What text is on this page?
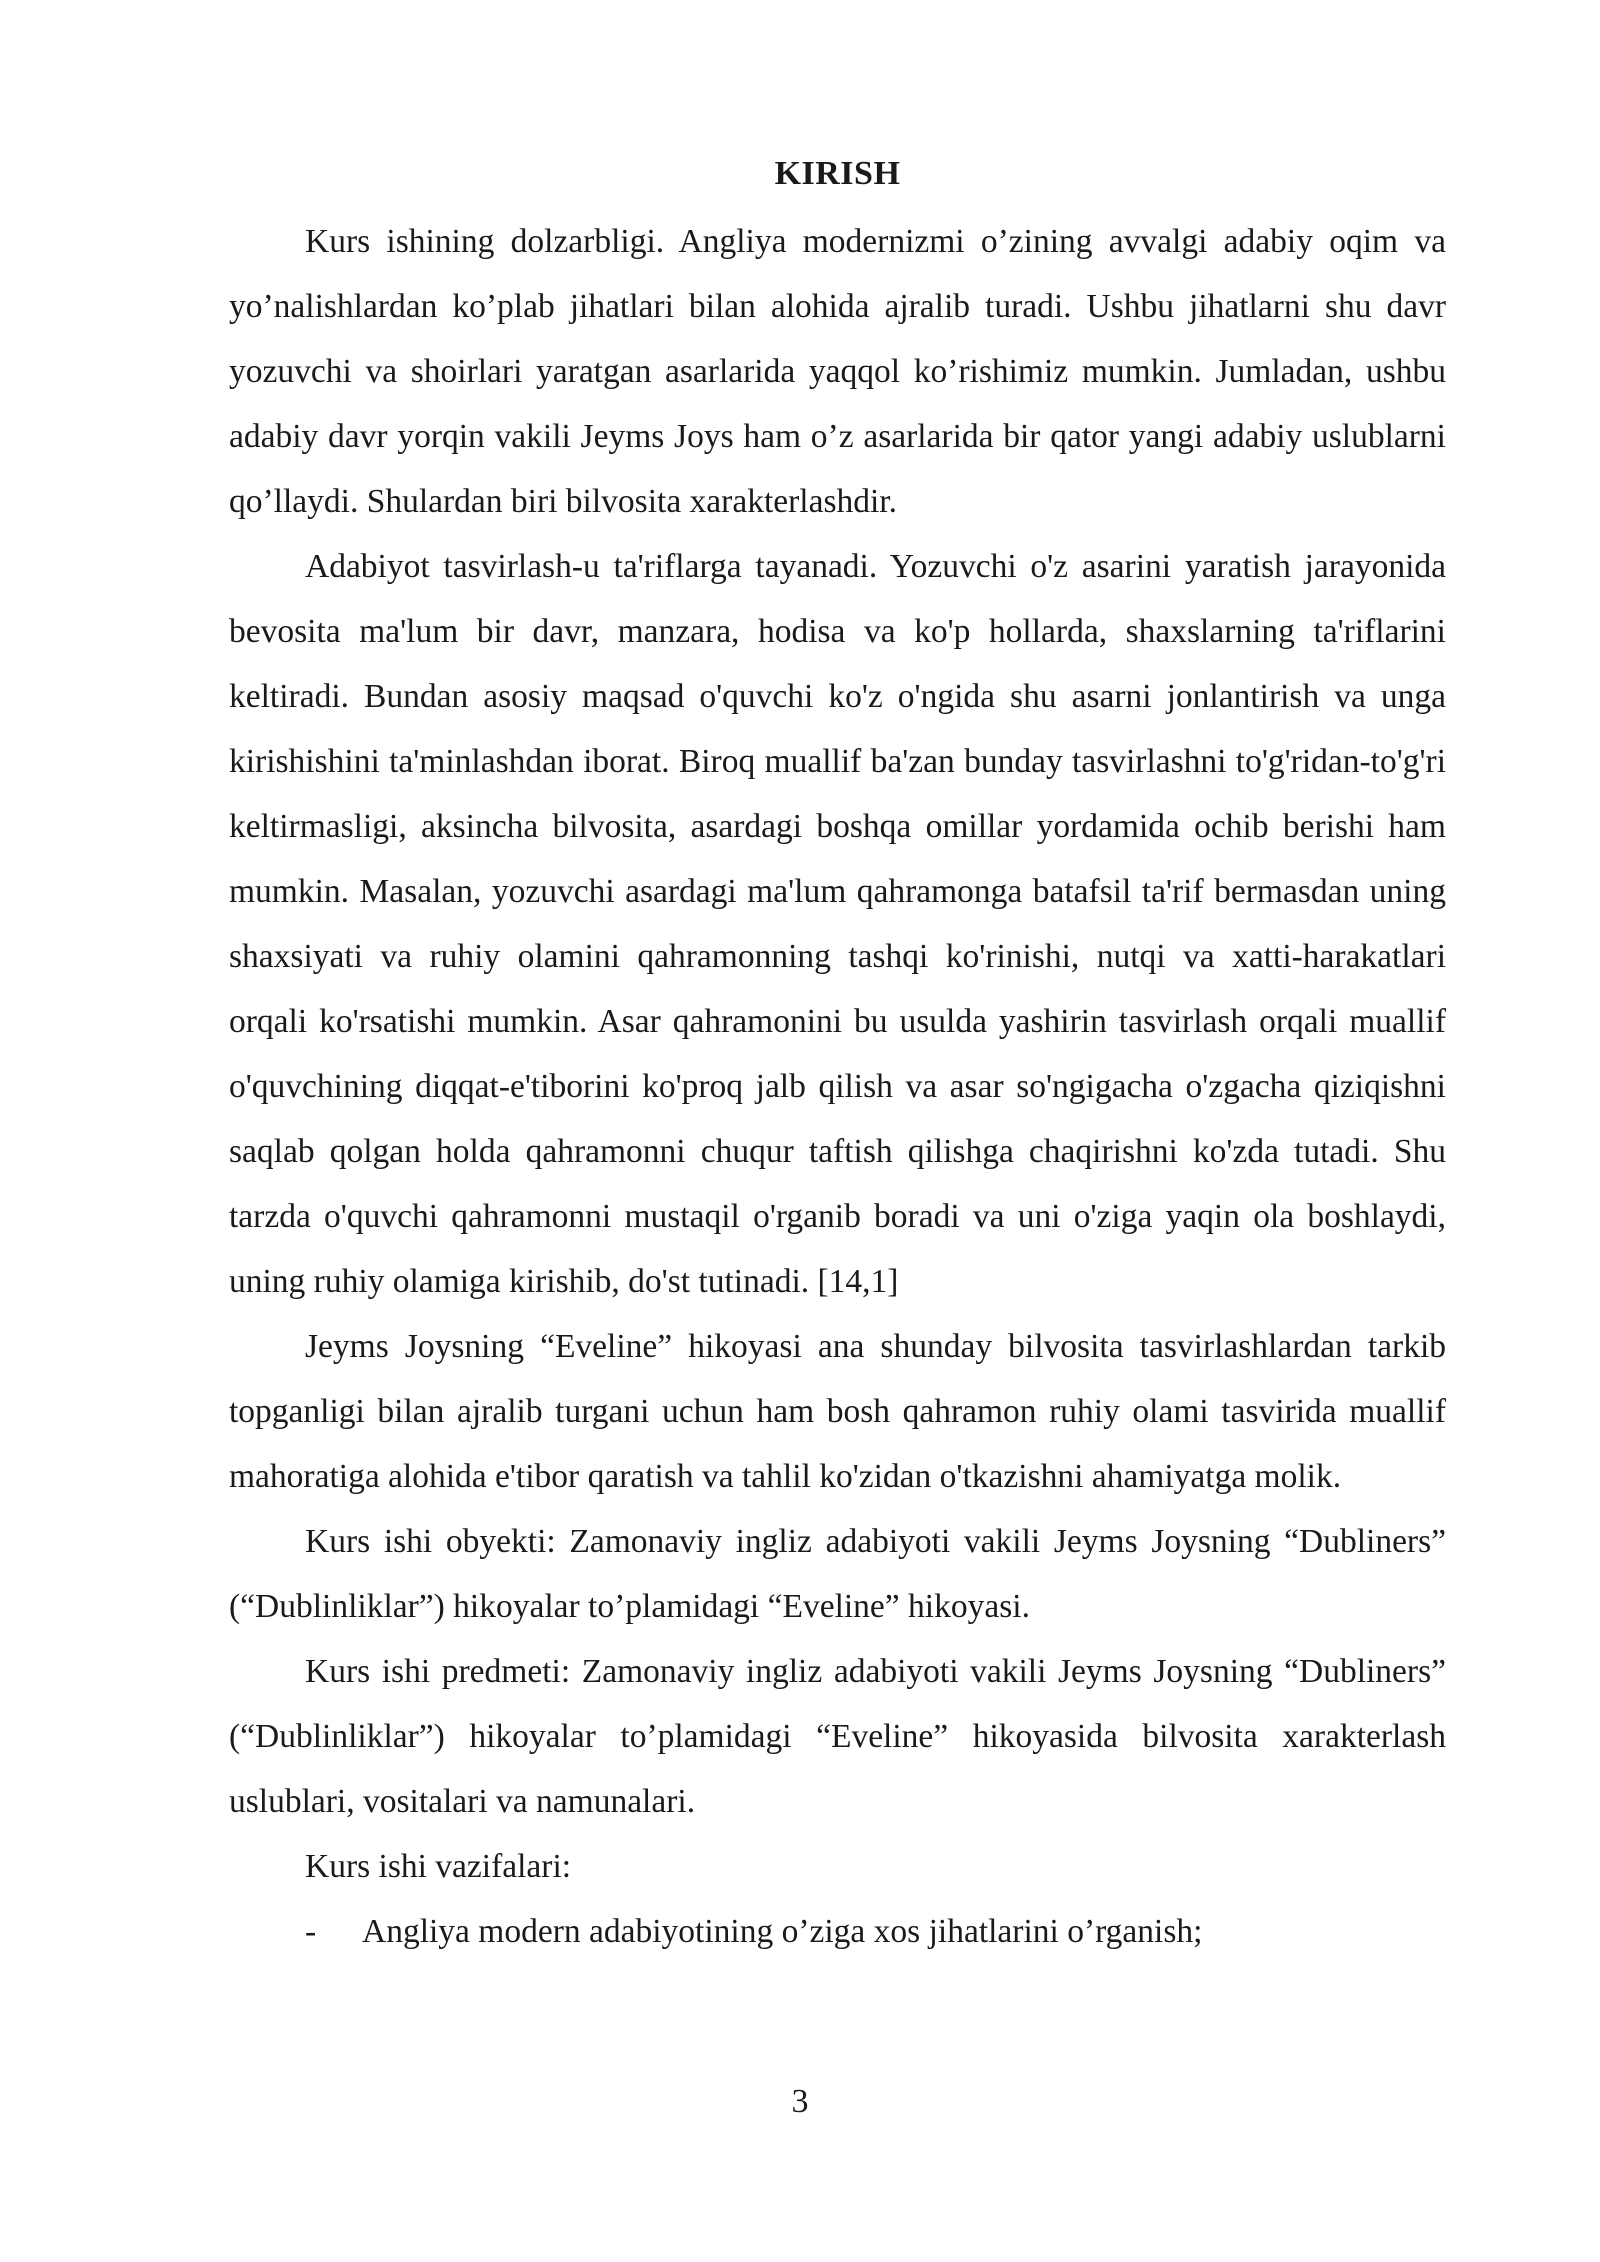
KIRISH

Kurs ishining dolzarbligi. Angliya modernizmi o’zining avvalgi adabiy oqim va yo’nalishlardan ko’plab jihatlari bilan alohida ajralib turadi. Ushbu jihatlarni shu davr yozuvchi va shoirlari yaratgan asarlarida yaqqol ko’rishimiz mumkin. Jumladan, ushbu adabiy davr yorqin vakili Jeyms Joys ham o’z asarlarida bir qator yangi adabiy uslublarni qo’llaydi. Shulardan biri bilvosita xarakterlashdir.

Adabiyot tasvirlash-u ta'riflarga tayanadi. Yozuvchi o'z asarini yaratish jarayonida bevosita ma'lum bir davr, manzara, hodisa va ko'p hollarda, shaxslarning ta'riflarini keltiradi. Bundan asosiy maqsad o'quvchi ko'z o'ngida shu asarni jonlantirish va unga kirishishini ta'minlashdan iborat. Biroq muallif ba'zan bunday tasvirlashni to'g'ridan-to'g'ri keltirmasligi, aksincha bilvosita, asardagi boshqa omillar yordamida ochib berishi ham mumkin. Masalan, yozuvchi asardagi ma'lum qahramonga batafsil ta'rif bermasdan uning shaxsiyati va ruhiy olamini qahramonning tashqi ko'rinishi, nutqi va xatti-harakatlari orqali ko'rsatishi mumkin. Asar qahramonini bu usulda yashirin tasvirlash orqali muallif o'quvchining diqqat-e'tiborini ko'proq jalb qilish va asar so'ngigacha o'zgacha qiziqishni saqlab qolgan holda qahramonni chuqur taftish qilishga chaqirishni ko'zda tutadi. Shu tarzda o'quvchi qahramonni mustaqil o'rganib boradi va uni o'ziga yaqin ola boshlaydi, uning ruhiy olamiga kirishib, do'st tutinadi. [14,1]

Jeyms Joysning “Eveline” hikoyasi ana shunday bilvosita tasvirlashlardan tarkib topganligi bilan ajralib turgani uchun ham bosh qahramon ruhiy olami tasvirida muallif mahoratiga alohida e'tibor qaratish va tahlil ko'zidan o'tkazishni ahamiyatga molik.

Kurs ishi obyekti: Zamonaviy ingliz adabiyoti vakili Jeyms Joysning “Dubliners” (“Dublinliklar”) hikoyalar to’plamidagi “Eveline” hikoyasi.

Kurs ishi predmeti: Zamonaviy ingliz adabiyoti vakili Jeyms Joysning “Dubliners” (“Dublinliklar”) hikoyalar to’plamidagi “Eveline” hikoyasida bilvosita xarakterlash uslublari, vositalari va namunalari.

Kurs ishi vazifalari:

- Angliya modern adabiyotining o’ziga xos jihatlarini o’rganish;
3
